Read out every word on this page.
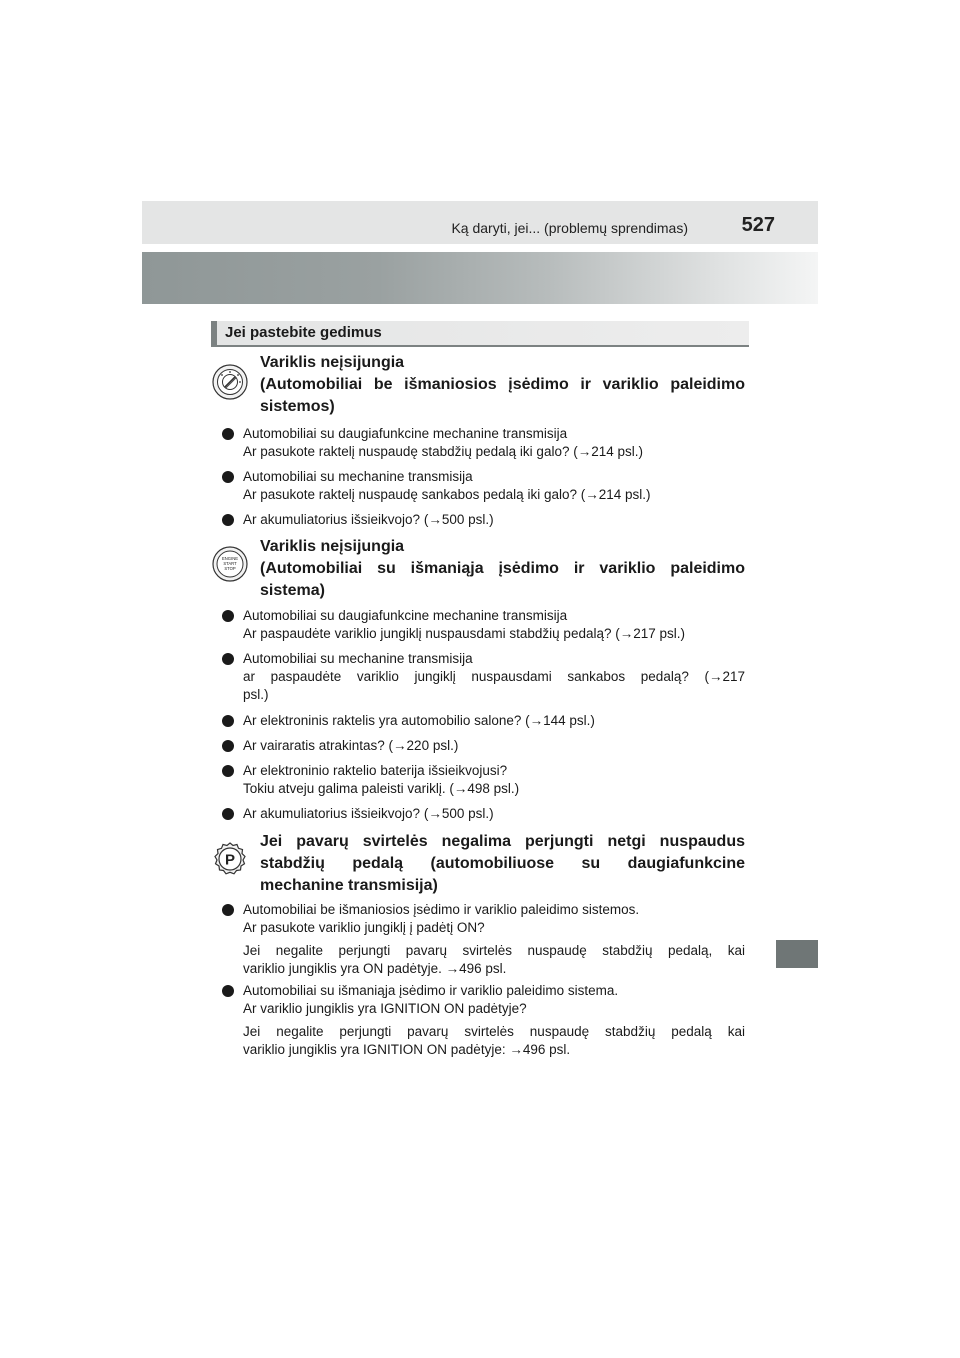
Ką daryti, jei... (problemų sprendimas)	527
Jei pastebite gedimus
Variklis neįsijungia
(Automobiliai be išmaniosios įsėdimo ir variklio paleidimo
sistemos)
Automobiliai su daugiafunkcine mechanine transmisija
Ar pasukote raktelį nuspaudę stabdžių pedalą iki galo? (→214 psl.)
Automobiliai su mechanine transmisija
Ar pasukote raktelį nuspaudę sankabos pedalą iki galo? (→214 psl.)
Ar akumuliatorius išsieikvojo? (→500 psl.)
ENGINE
START
STOP
Variklis neįsijungia
(Automobiliai su išmaniąja įsėdimo ir variklio paleidimo
sistema)
Automobiliai su daugiafunkcine mechanine transmisija
Ar paspaudėte variklio jungiklį nuspausdami stabdžių pedalą? (→217 psl.)
Automobiliai su mechanine transmisija
ar paspaudėte variklio jungiklį nuspausdami sankabos pedalą? (→217
psl.)
Ar elektroninis raktelis yra automobilio salone? (→144 psl.)
Ar vairaratis atrakintas? (→220 psl.)
Ar elektroninio raktelio baterija išsieikvojusi?
Tokiu atveju galima paleisti variklį. (→498 psl.)
Ar akumuliatorius išsieikvojo? (→500 psl.)
P
Jei pavarų svirtelės negalima perjungti netgi nuspaudus
stabdžių pedalą (automobiliuose su daugiafunkcine
mechanine transmisija)
Automobiliai be išmaniosios įsėdimo ir variklio paleidimo sistemos.
Ar pasukote variklio jungiklį į padėtį ON?
Jei negalite perjungti pavarų svirtelės nuspaudę stabdžių pedalą, kai
variklio jungiklis yra ON padėtyje. →496 psl.
Automobiliai su išmaniąja įsėdimo ir variklio paleidimo sistema.
Ar variklio jungiklis yra IGNITION ON padėtyje?
Jei negalite perjungti pavarų svirtelės nuspaudę stabdžių pedalą kai
variklio jungiklis yra IGNITION ON padėtyje: →496 psl.
